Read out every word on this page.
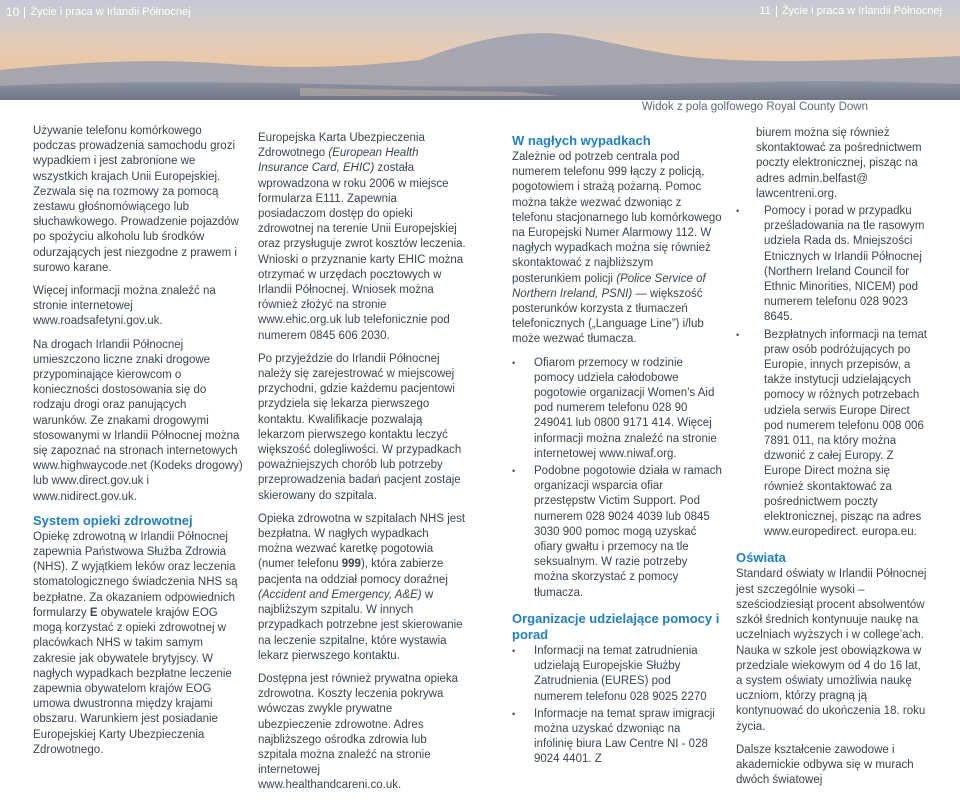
10 Życie i praca w Irlandii Północnej	11 Życie i praca w Irlandii Północnej
Widok z pola golfowego Royal County Down

Używanie telefonu komórkowego podczas prowadzenia samochodu grozi wypadkiem i jest zabronione we wszystkich krajach Unii Europejskiej. Zezwala się na rozmowy za pomocą zestawu głośnomówiącego lub słuchawkowego. Prowadzenie pojazdów po spożyciu alkoholu lub środków odurzających jest niezgodne z prawem i surowo karane.

Więcej informacji można znaleźć na stronie internetowej www.roadsafetyni.gov.uk.

Na drogach Irlandii Północnej umieszczono liczne znaki drogowe przypominające kierowcom o konieczności dostosowania się do rodzaju drogi oraz panujących warunków. Ze znakami drogowymi stosowanymi w Irlandii Północnej można się zapoznać na stronach internetowych www.highwaycode.net (Kodeks drogowy) lub www.direct.gov.uk i www.nidirect.gov.uk.

System opieki zdrowotnej

Opiekę zdrowotną w Irlandii Północnej zapewnia Państwowa Służba Zdrowia (NHS). Z wyjątkiem leków oraz leczenia stomatologicznego świadczenia NHS są bezpłatne. Za okazaniem odpowiednich formularzy E obywatele krajów EOG mogą korzystać z opieki zdrowotnej w placówkach NHS w takim samym zakresie jak obywatele brytyjscy. W nagłych wypadkach bezpłatne leczenie zapewnia obywatelom krajów EOG umowa dwustronna między krajami obszaru. Warunkiem jest posiadanie Europejskiej Karty Ubezpieczenia Zdrowotnego.

Europejska Karta Ubezpieczenia Zdrowotnego (European Health Insurance Card, EHIC) została wprowadzona w roku 2006 w miejsce formularza E111. Zapewnia posiadaczom dostęp do opieki zdrowotnej na terenie Unii Europejskiej oraz przysługuje zwrot kosztów leczenia. Wnioski o przyznanie karty EHIC można otrzymać w urzędach pocztowych w Irlandii Północnej. Wniosek można również złożyć na stronie www.ehic.org.uk lub telefonicznie pod numerem 0845 606 2030.

Po przyjeździe do Irlandii Północnej należy się zarejestrować w miejscowej przychodni, gdzie każdemu pacjentowi przydziela się lekarza pierwszego kontaktu. Kwalifikacje pozwalają lekarzom pierwszego kontaktu leczyć większość dolegliwości. W przypadkach poważniejszych chorób lub potrzeby przeprowadzenia badań pacjent zostaje skierowany do szpitala.

Opieka zdrowotna w szpitalach NHS jest bezpłatna. W nagłych wypadkach można wezwać karetkę pogotowia (numer telefonu 999), która zabierze pacjenta na oddział pomocy doraźnej (Accident and Emergency, A&E) w najbliższym szpitalu. W innych przypadkach potrzebne jest skierowanie na leczenie szpitalne, które wystawia lekarz pierwszego kontaktu.

Dostępna jest również prywatna opieka zdrowotna. Koszty leczenia pokrywa wówczas zwykle prywatne ubezpieczenie zdrowotne. Adres najbliższego ośrodka zdrowia lub szpitala można znaleźć na stronie internetowej www.healthandcareni.co.uk.

W nagłych wypadkach

Zależnie od potrzeb centrala pod numerem telefonu 999 łączy z policją, pogotowiem i strażą pożarną. Pomoc można także wezwać dzwoniąc z telefonu stacjonarnego lub komórkowego na Europejski Numer Alarmowy 112. W nagłych wypadkach można się również skontaktować z najbliższym posterunkiem policji (Police Service of Northern Ireland, PSNI) — większość posterunków korzysta z tłumaczeń telefonicznych („Language Line”) i/lub może wezwać tłumacza.

• Ofiarom przemocy w rodzinie pomocy udziela całodobowe pogotowie organizacji Women's Aid pod numerem telefonu 028 90 249041 lub 0800 9171 414. Więcej informacji można znaleźć na stronie internetowej www.niwaf.org.
• Podobne pogotowie działa w ramach organizacji wsparcia ofiar przestępstw Victim Support. Pod numerem 028 9024 4039 lub 0845 3030 900 pomoc mogą uzyskać ofiary gwałtu i przemocy na tle seksualnym. W razie potrzeby można skorzystać z pomocy tłumacza.
Organizacje udzielające pomocy i porad
• Informacji na temat zatrudnienia udzielają Europejskie Służby Zatrudnienia (EURES) pod numerem telefonu 028 9025 2270
• Informacje na temat spraw imigracji można uzyskać dzwoniąc na infolinię biura Law Centre NI - 028 9024 4401. Z
biurem można się również skontaktować za pośrednictwem poczty elektronicznej, pisząc na adres admin.belfast@ lawcentreni.org.
• Pomocy i porad w przypadku prześladowania na tle rasowym udziela Rada ds. Mniejszości Etnicznych w Irlandii Północnej (Northern Ireland Council for Ethnic Minorities, NICEM) pod numerem telefonu 028 9023 8645.
• Bezpłatnych informacji na temat praw osób podróżujących po Europie, innych przepisów, a także instytucji udzielających pomocy w różnych potrzebach udziela serwis Europe Direct pod numerem telefonu 008 006 7891 011, na który można dzwonić z całej Europy. Z Europe Direct można się również skontaktować za pośrednictwem poczty elektronicznej, pisząc na adres www.europedirect. europa.eu.
Oświata

Standard oświaty w Irlandii Północnej jest szczególnie wysoki – sześciodziesiąt procent absolwentów szkół średnich kontynuuje naukę na uczelniach wyższych i w college’ach. Nauka w szkole jest obowiązkowa w przedziale wiekowym od 4 do 16 lat, a system oświaty umożliwia naukę uczniom, którzy pragną ją kontynuować do ukończenia 18. roku życia.

Dalsze kształcenie zawodowe i akademickie odbywa się w murach dwóch światowej
